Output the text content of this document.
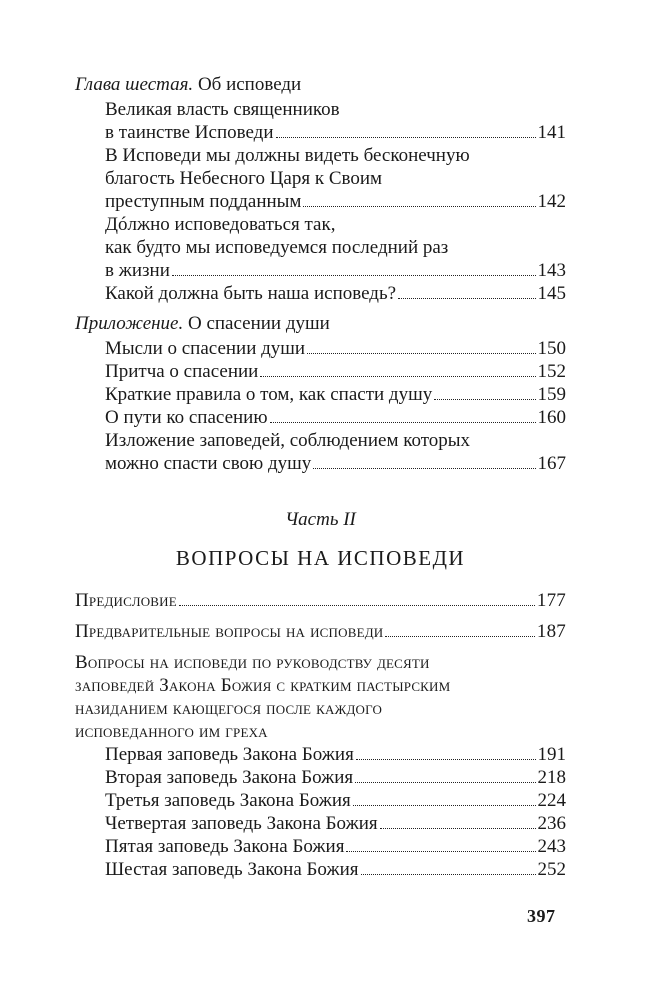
Глава шестая. Об исповеди
Великая власть священников
в таинстве Исповеди	141
В Исповеди мы должны видеть бесконечную
благость Небесного Царя к Своим
преступным подданным	142
Дóлжно исповедоваться так,
как будто мы исповедуемся последний раз
в жизни	143
Какой должна быть наша исповедь?	145
Приложение. О спасении души
Мысли о спасении души	150
Притча о спасении	152
Краткие правила о том, как спасти душу	159
О пути ко спасению	160
Изложение заповедей, соблюдением которых
можно спасти свою душу	167
Часть II
ВОПРОСЫ НА ИСПОВЕДИ
Предисловие	177
Предварительные вопросы на исповеди	187
Вопросы на исповеди по руководству десяти
заповедей Закона Божия с кратким пастырским
назиданием кающегося после каждого
исповеданного им греха
Первая заповедь Закона Божия	191
Вторая заповедь Закона Божия	218
Третья заповедь Закона Божия	224
Четвертая заповедь Закона Божия	236
Пятая заповедь Закона Божия	243
Шестая заповедь Закона Божия	252
397
